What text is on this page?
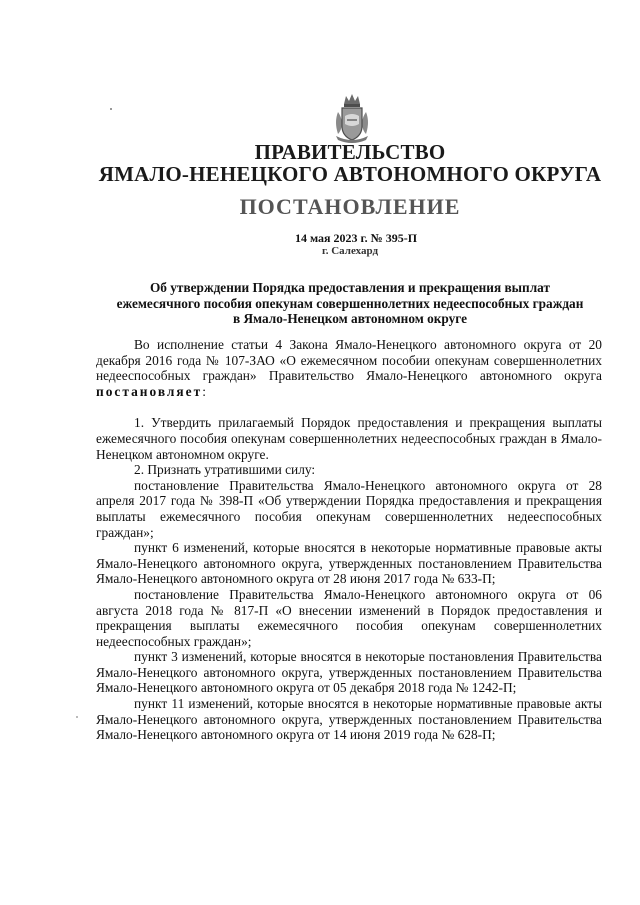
ПРАВИТЕЛЬСТВО
ЯМАЛО-НЕНЕЦКОГО АВТОНОМНОГО ОКРУГА
ПОСТАНОВЛЕНИЕ
14 мая 2023 г. № 395-П
г. Салехард
Об утверждении Порядка предоставления и прекращения выплат
ежемесячного пособия опекунам совершеннолетних недееспособных граждан
в Ямало-Ненецком автономном округе

Во исполнение статьи 4 Закона Ямало-Ненецкого автономного округа от 20 декабря 2016 года № 107-ЗАО «О ежемесячном пособии опекунам совершеннолетних недееспособных граждан» Правительство Ямало-Ненецкого автономного округа постановляет:

1. Утвердить прилагаемый Порядок предоставления и прекращения выплаты ежемесячного пособия опекунам совершеннолетних недееспособных граждан в Ямало-Ненецком автономном округе.

2. Признать утратившими силу:

постановление Правительства Ямало-Ненецкого автономного округа от 28 апреля 2017 года № 398-П «Об утверждении Порядка предоставления и прекращения выплаты ежемесячного пособия опекунам совершеннолетних недееспособных граждан»;

пункт 6 изменений, которые вносятся в некоторые нормативные правовые акты Ямало-Ненецкого автономного округа, утвержденных постановлением Правительства Ямало-Ненецкого автономного округа от 28 июня 2017 года № 633-П;

постановление Правительства Ямало-Ненецкого автономного округа от 06 августа 2018 года № 817-П «О внесении изменений в Порядок предоставления и прекращения выплаты ежемесячного пособия опекунам совершеннолетних недееспособных граждан»;

пункт 3 изменений, которые вносятся в некоторые постановления Правительства Ямало-Ненецкого автономного округа, утвержденных постановлением Правительства Ямало-Ненецкого автономного округа от 05 декабря 2018 года № 1242-П;

пункт 11 изменений, которые вносятся в некоторые нормативные правовые акты Ямало-Ненецкого автономного округа, утвержденных постановлением Правительства Ямало-Ненецкого автономного округа от 14 июня 2019 года № 628-П;
